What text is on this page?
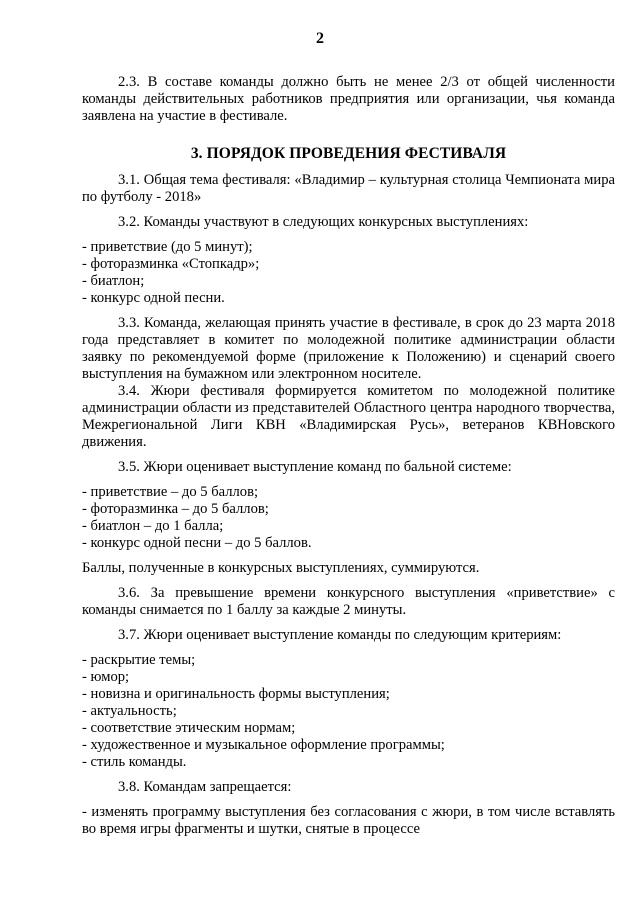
2

2.3. В составе команды должно быть не менее 2/3 от общей численности команды действительных работников предприятия или организации, чья команда заявлена на участие в фестивале.

3. ПОРЯДОК ПРОВЕДЕНИЯ ФЕСТИВАЛЯ

3.1. Общая тема фестиваля: «Владимир – культурная столица Чемпионата мира по футболу - 2018»

3.2. Команды участвуют в следующих конкурсных выступлениях:

- приветствие (до 5 минут);
- фоторазминка «Стопкадр»;
- биатлон;
- конкурс одной песни.

3.3. Команда, желающая принять участие в фестивале, в срок до 23 марта 2018 года представляет в комитет по молодежной политике администрации области заявку по рекомендуемой форме (приложение к Положению) и сценарий своего выступления на бумажном или электронном носителе.

3.4. Жюри фестиваля формируется комитетом по молодежной политике администрации области из представителей Областного центра народного творчества, Межрегиональной Лиги КВН «Владимирская Русь», ветеранов КВНовского движения.

3.5. Жюри оценивает выступление команд по бальной системе:

- приветствие – до 5 баллов;
- фоторазминка – до 5 баллов;
- биатлон – до 1 балла;
- конкурс одной песни – до 5 баллов.

Баллы, полученные в конкурсных выступлениях, суммируются.

3.6. За превышение времени конкурсного выступления «приветствие» с команды снимается по 1 баллу за каждые 2 минуты.

3.7. Жюри оценивает выступление команды по следующим критериям:

- раскрытие темы;
- юмор;
- новизна и оригинальность формы выступления;
- актуальность;
- соответствие этическим нормам;
- художественное и музыкальное оформление программы;
- стиль команды.

3.8. Командам запрещается:

- изменять программу выступления без согласования с жюри, в том числе вставлять во время игры фрагменты и шутки, снятые в процессе
